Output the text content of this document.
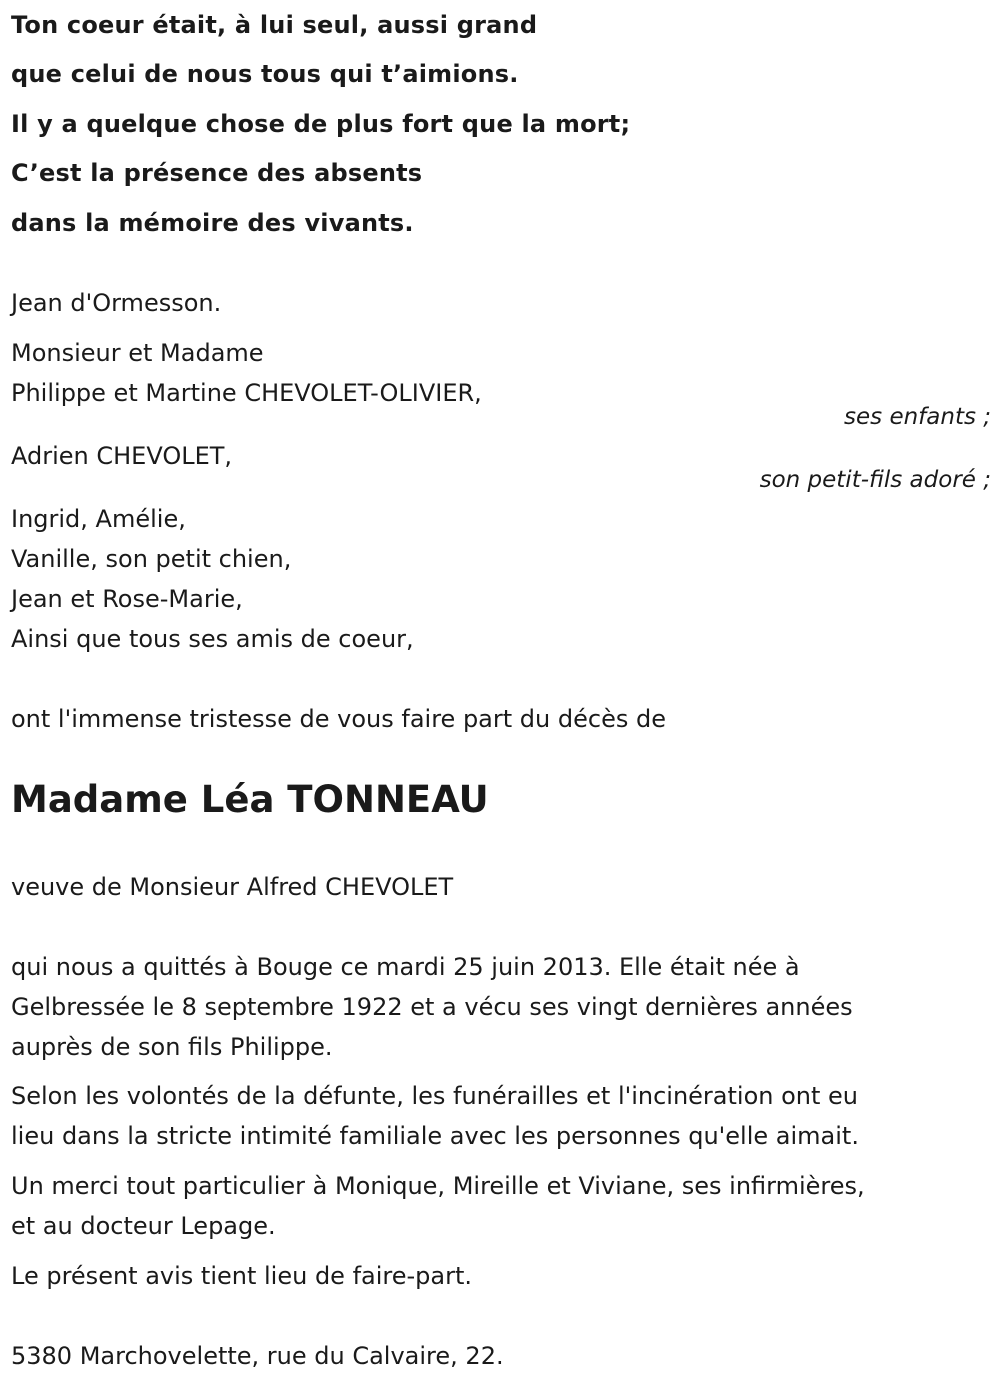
Ton coeur était, à lui seul, aussi grand
que celui de nous tous qui t’aimions.
Il y a quelque chose de plus fort que la mort;
C’est la présence des absents
dans la mémoire des vivants.
Jean d'Ormesson.
Monsieur et Madame
Philippe et Martine CHEVOLET-OLIVIER,
ses enfants ;
Adrien CHEVOLET,
son petit-fils adoré ;
Ingrid, Amélie,
Vanille, son petit chien,
Jean et Rose-Marie,
Ainsi que tous ses amis de coeur,
ont l'immense tristesse de vous faire part du décès de
Madame Léa TONNEAU
veuve de Monsieur Alfred CHEVOLET
qui nous a quittés à Bouge ce mardi 25 juin 2013. Elle était née à
Gelbressée le 8 septembre 1922 et a vécu ses vingt dernières années
auprès de son fils Philippe.
Selon les volontés de la défunte, les funérailles et l'incinération ont eu
lieu dans la stricte intimité familiale avec les personnes qu'elle aimait.
Un merci tout particulier à Monique, Mireille et Viviane, ses infirmières,
et au docteur Lepage.
Le présent avis tient lieu de faire-part.
5380 Marchovelette, rue du Calvaire, 22.
